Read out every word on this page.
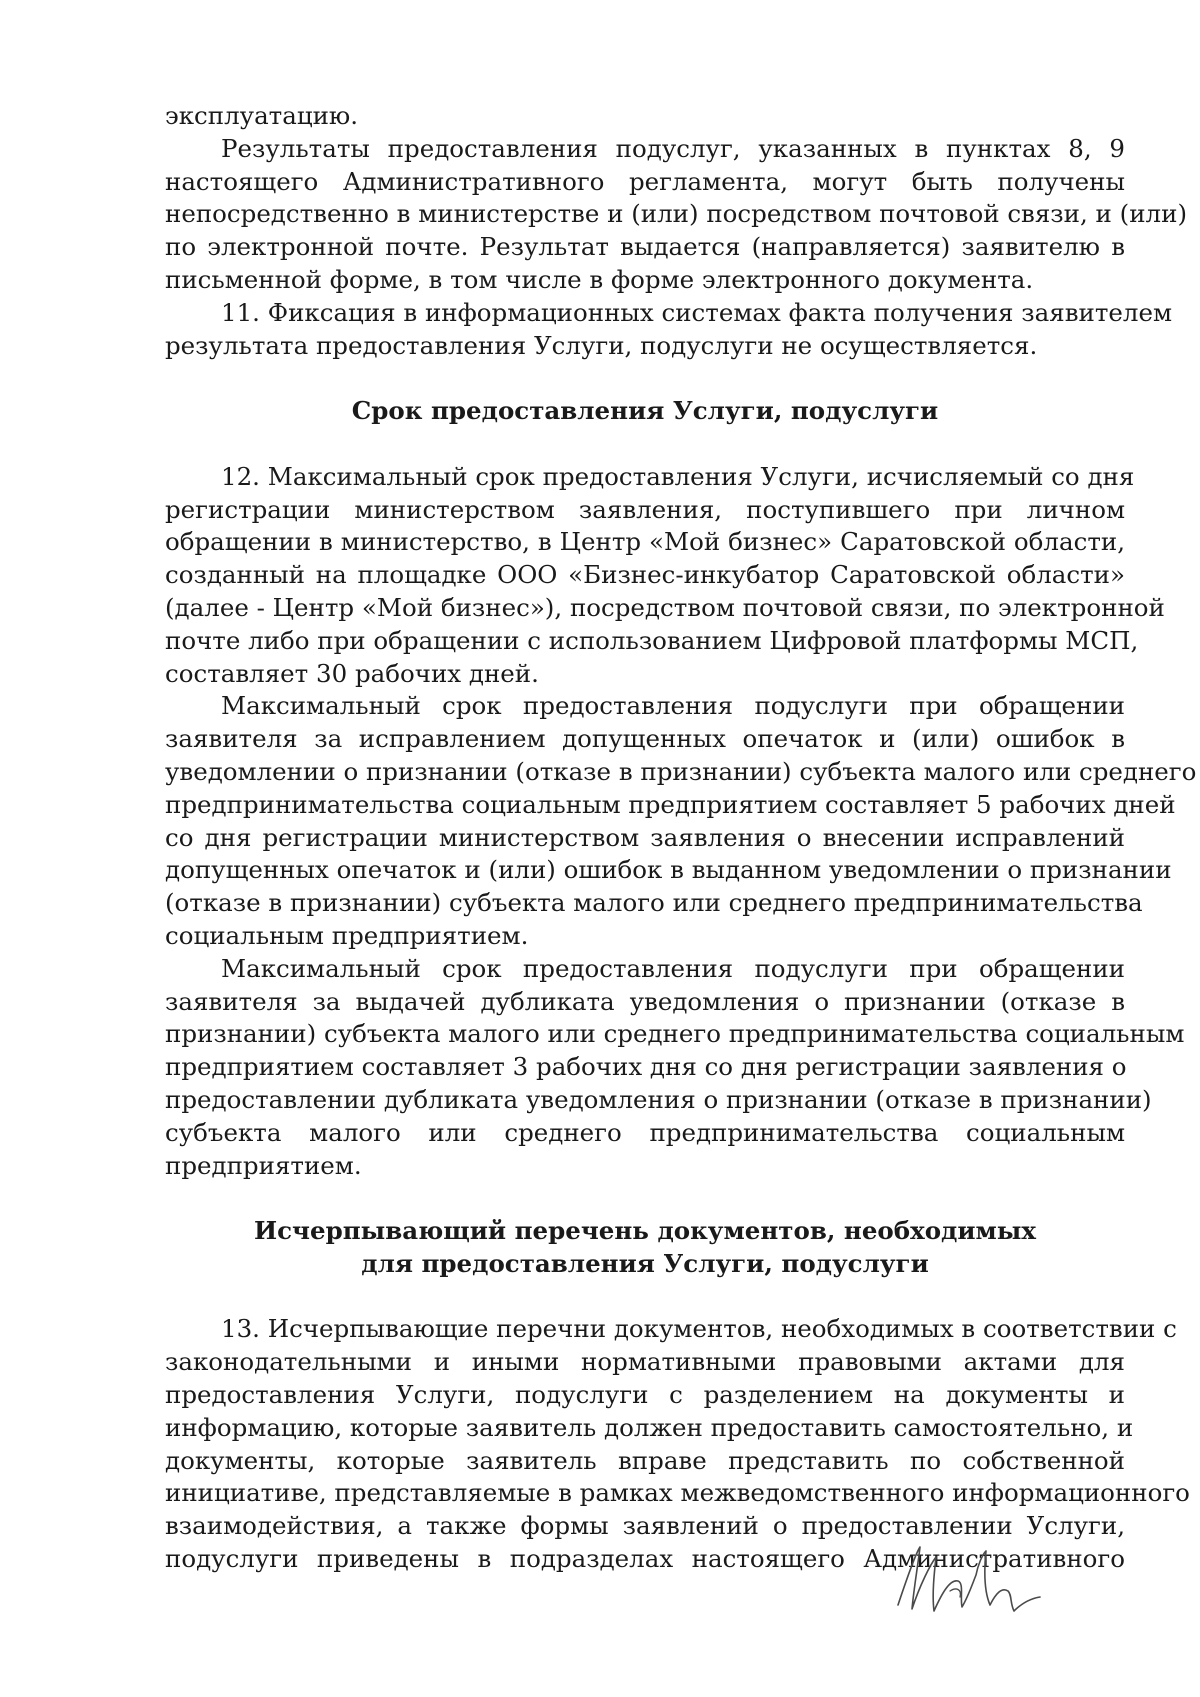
эксплуатацию.
Результаты предоставления подуслуг, указанных в пунктах 8, 9
настоящего Административного регламента, могут быть получены
непосредственно в министерстве и (или) посредством почтовой связи, и (или)
по электронной почте. Результат выдается (направляется) заявителю в
письменной форме, в том числе в форме электронного документа.
11. Фиксация в информационных системах факта получения заявителем
результата предоставления Услуги, подуслуги не осуществляется.
Срок предоставления Услуги, подуслуги
12. Максимальный срок предоставления Услуги, исчисляемый со дня
регистрации министерством заявления, поступившего при личном
обращении в министерство, в Центр «Мой бизнес» Саратовской области,
созданный на площадке ООО «Бизнес-инкубатор Саратовской области»
(далее - Центр «Мой бизнес»), посредством почтовой связи, по электронной
почте либо при обращении с использованием Цифровой платформы МСП,
составляет 30 рабочих дней.
Максимальный срок предоставления подуслуги при обращении
заявителя за исправлением допущенных опечаток и (или) ошибок в
уведомлении о признании (отказе в признании) субъекта малого или среднего
предпринимательства социальным предприятием составляет 5 рабочих дней
со дня регистрации министерством заявления о внесении исправлений
допущенных опечаток и (или) ошибок в выданном уведомлении о признании
(отказе в признании) субъекта малого или среднего предпринимательства
социальным предприятием.
Максимальный срок предоставления подуслуги при обращении
заявителя за выдачей дубликата уведомления о признании (отказе в
признании) субъекта малого или среднего предпринимательства социальным
предприятием составляет 3 рабочих дня со дня регистрации заявления о
предоставлении дубликата уведомления о признании (отказе в признании)
субъекта малого или среднего предпринимательства социальным
предприятием.
Исчерпывающий перечень документов, необходимых
для предоставления Услуги, подуслуги
13. Исчерпывающие перечни документов, необходимых в соответствии с
законодательными и иными нормативными правовыми актами для
предоставления Услуги, подуслуги с разделением на документы и
информацию, которые заявитель должен предоставить самостоятельно, и
документы, которые заявитель вправе представить по собственной
инициативе, представляемые в рамках межведомственного информационного
взаимодействия, а также формы заявлений о предоставлении Услуги,
подуслуги приведены в подразделах настоящего Административного
